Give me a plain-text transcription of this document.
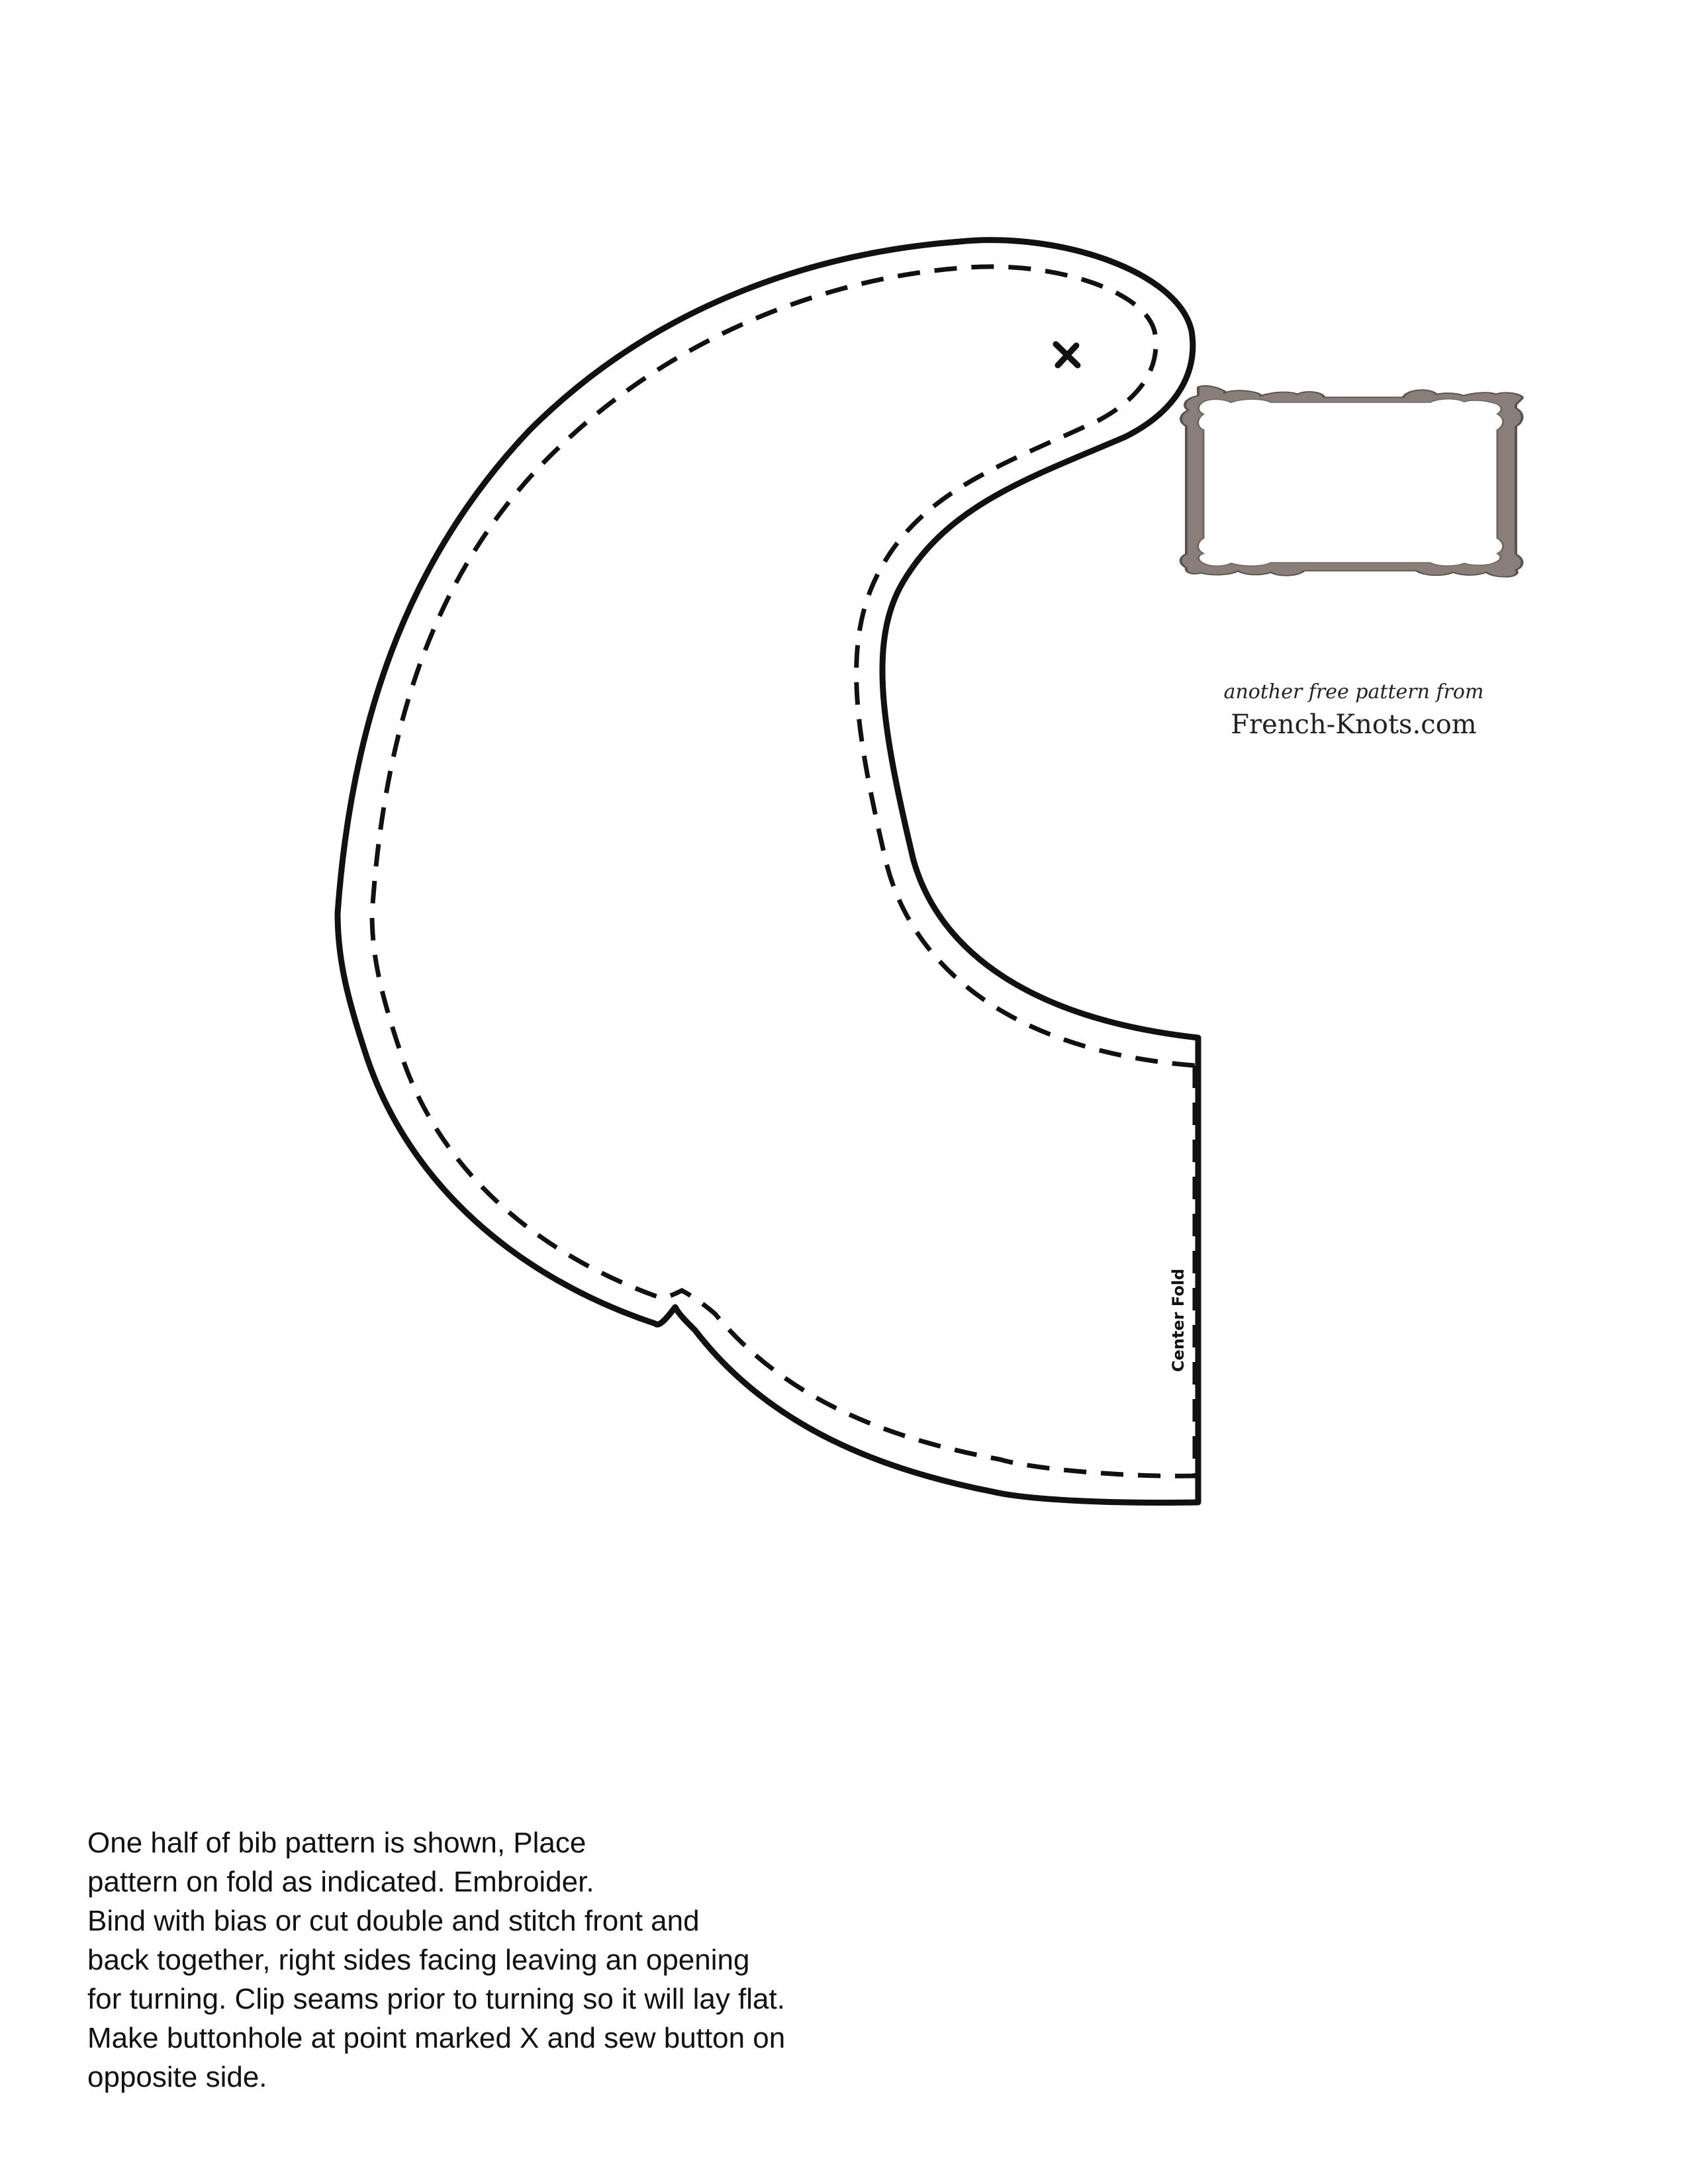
Center Fold
another free pattern from
French-Knots.com
One half of bib pattern is shown, Place
pattern on fold as indicated. Embroider.
Bind with bias or cut double and stitch front and
back together, right sides facing leaving an opening
for turning. Clip seams prior to turning so it will lay flat.
Make buttonhole at point marked X and sew button on
opposite side.
